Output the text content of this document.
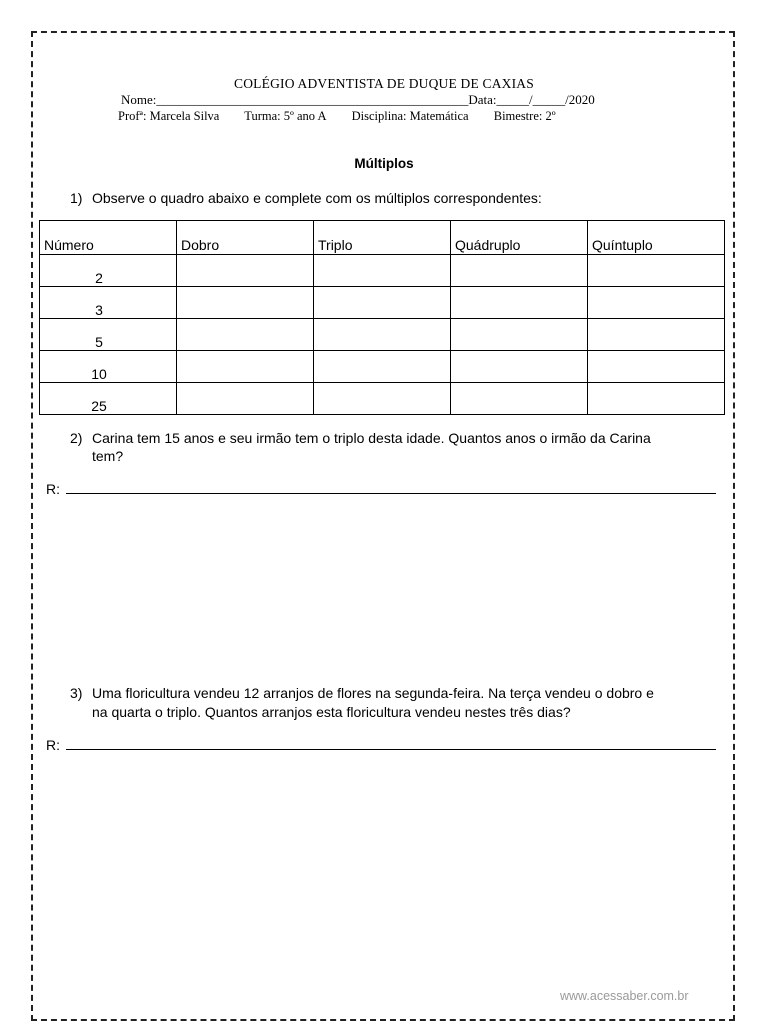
COLÉGIO ADVENTISTA DE DUQUE DE CAXIAS
Nome:________________________________________________Data:_____/_____/2020
Profª: Marcela Silva Turma: 5º ano A Disciplina: Matemática Bimestre: 2º
Múltiplos
1) Observe o quadro abaixo e complete com os múltiplos correspondentes:
Número	Dobro	Triplo	Quádruplo	Quíntuplo
2				
3				
5				
10				
25				
2) Carina tem 15 anos e seu irmão tem o triplo desta idade. Quantos anos o irmão da Carina
tem?
R:
3) Uma floricultura vendeu 12 arranjos de flores na segunda-feira. Na terça vendeu o dobro e
na quarta o triplo. Quantos arranjos esta floricultura vendeu nestes três dias?
R:
www.acessaber.com.br
